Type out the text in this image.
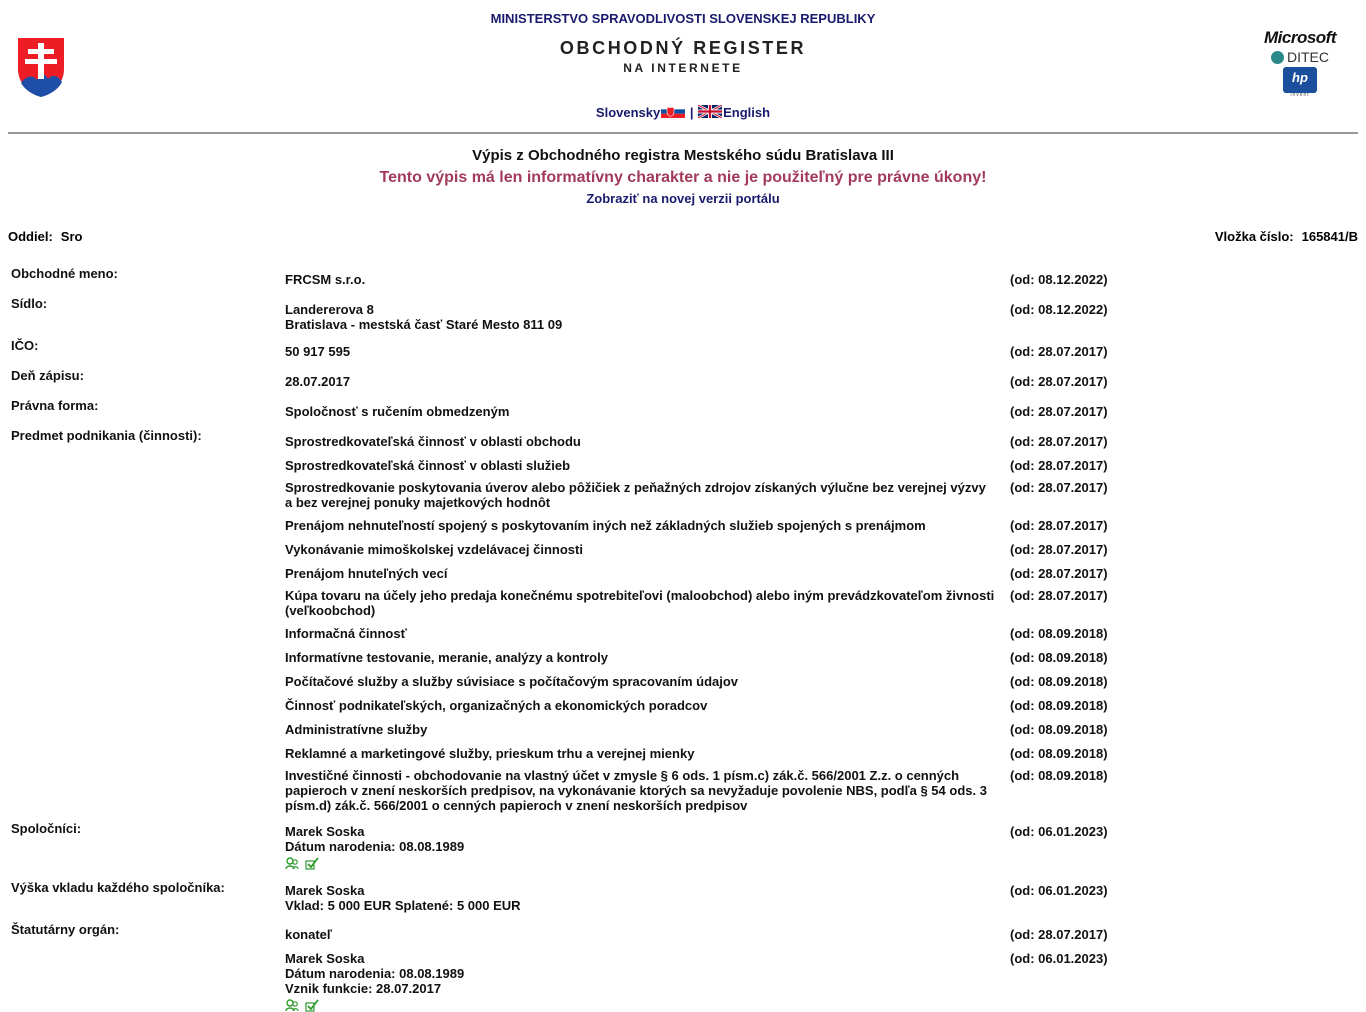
MINISTERSTVO SPRAVODLIVOSTI SLOVENSKEJ REPUBLIKY
OBCHODNÝ REGISTER
NA INTERNETE
Slovensky | English
Microsoft
DITEC
hp
invent
Výpis z Obchodného registra Mestského súdu Bratislava III
Tento výpis má len informatívny charakter a nie je použiteľný pre právne úkony!
Zobraziť na novej verzii portálu
Oddiel: Sro	Vložka číslo: 165841/B
Obchodné meno:	FRCSM s.r.o.	(od: 08.12.2022)
Sídlo:	Landererova 8
Bratislava - mestská časť Staré Mesto 811 09
(od: 08.12.2022)
IČO:	50 917 595	(od: 28.07.2017)
Deň zápisu:	28.07.2017	(od: 28.07.2017)
Právna forma:	Spoločnosť s ručením obmedzeným	(od: 28.07.2017)
Predmet podnikania (činnosti):	Sprostredkovateľská činnosť v oblasti obchodu	(od: 28.07.2017)
Sprostredkovateľská činnosť v oblasti služieb	(od: 28.07.2017)
Sprostredkovanie poskytovania úverov alebo pôžičiek z peňažných zdrojov získaných výlučne bez verejnej výzvy a bez verejnej ponuky majetkových hodnôt
(od: 28.07.2017)
Prenájom nehnuteľností spojený s poskytovaním iných než základných služieb spojených s prenájmom	(od: 28.07.2017)
Vykonávanie mimoškolskej vzdelávacej činnosti	(od: 28.07.2017)
Prenájom hnuteľných vecí	(od: 28.07.2017)
Kúpa tovaru na účely jeho predaja konečnému spotrebiteľovi (maloobchod) alebo iným prevádzkovateľom živnosti (veľkoobchod)
(od: 28.07.2017)
Informačná činnosť	(od: 08.09.2018)
Informatívne testovanie, meranie, analýzy a kontroly	(od: 08.09.2018)
Počítačové služby a služby súvisiace s počítačovým spracovaním údajov	(od: 08.09.2018)
Činnosť podnikateľských, organizačných a ekonomických poradcov	(od: 08.09.2018)
Administratívne služby	(od: 08.09.2018)
Reklamné a marketingové služby, prieskum trhu a verejnej mienky	(od: 08.09.2018)
Investičné činnosti - obchodovanie na vlastný účet v zmysle § 6 ods. 1 písm.c) zák.č. 566/2001 Z.z. o cenných papieroch v znení neskorších predpisov, na vykonávanie ktorých sa nevyžaduje povolenie NBS, podľa § 54 ods. 3 písm.d) zák.č. 566/2001 o cenných papieroch v znení neskorších predpisov
(od: 08.09.2018)
Spoločníci:	Marek Soska
Dátum narodenia: 08.08.1989
(od: 06.01.2023)
Výška vkladu každého spoločníka:	Marek Soska
Vklad: 5 000 EUR Splatené: 5 000 EUR
(od: 06.01.2023)
Štatutárny orgán:	konateľ	(od: 28.07.2017)
Marek Soska
Dátum narodenia: 08.08.1989
Vznik funkcie: 28.07.2017
(od: 06.01.2023)
